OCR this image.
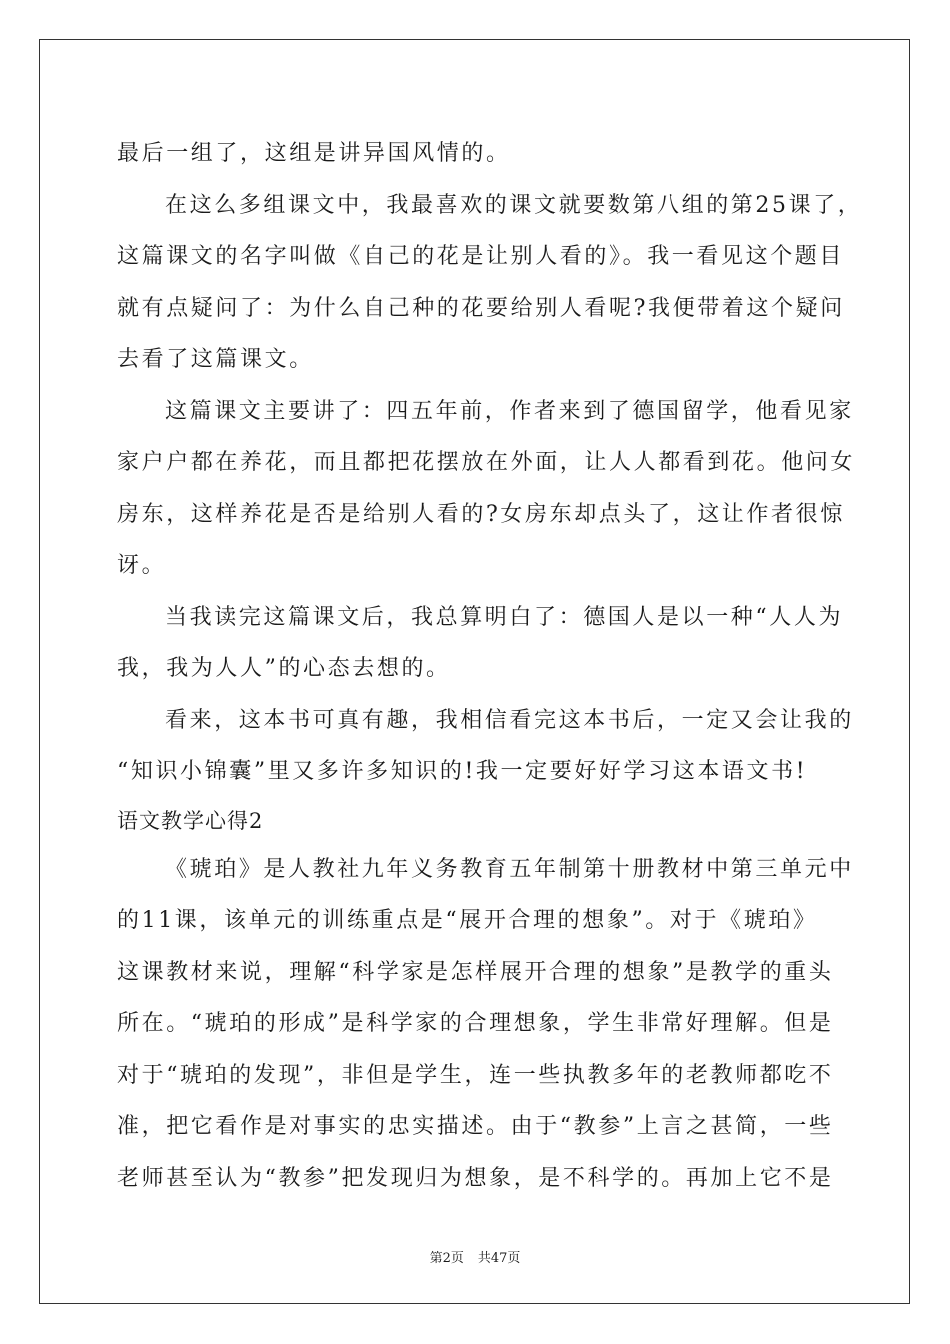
最后一组了，这组是讲异国风情的。
在这么多组课文中，我最喜欢的课文就要数第八组的第25课了，
这篇课文的名字叫做《自己的花是让别人看的》。我一看见这个题目
就有点疑问了：为什么自己种的花要给别人看呢?我便带着这个疑问
去看了这篇课文。
这篇课文主要讲了：四五年前，作者来到了德国留学，他看见家
家户户都在养花，而且都把花摆放在外面，让人人都看到花。他问女
房东，这样养花是否是给别人看的?女房东却点头了，这让作者很惊
讶。
当我读完这篇课文后，我总算明白了：德国人是以一种“人人为
我，我为人人”的心态去想的。
看来，这本书可真有趣，我相信看完这本书后，一定又会让我的
“知识小锦囊”里又多许多知识的!我一定要好好学习这本语文书!
语文教学心得2
《琥珀》是人教社九年义务教育五年制第十册教材中第三单元中
的11课，该单元的训练重点是“展开合理的想象”。对于《琥珀》
这课教材来说，理解“科学家是怎样展开合理的想象”是教学的重头
所在。“琥珀的形成”是科学家的合理想象，学生非常好理解。但是
对于“琥珀的发现”，非但是学生，连一些执教多年的老教师都吃不
准，把它看作是对事实的忠实描述。由于“教参”上言之甚简，一些
老师甚至认为“教参”把发现归为想象，是不科学的。再加上它不是
第2页 共47页
